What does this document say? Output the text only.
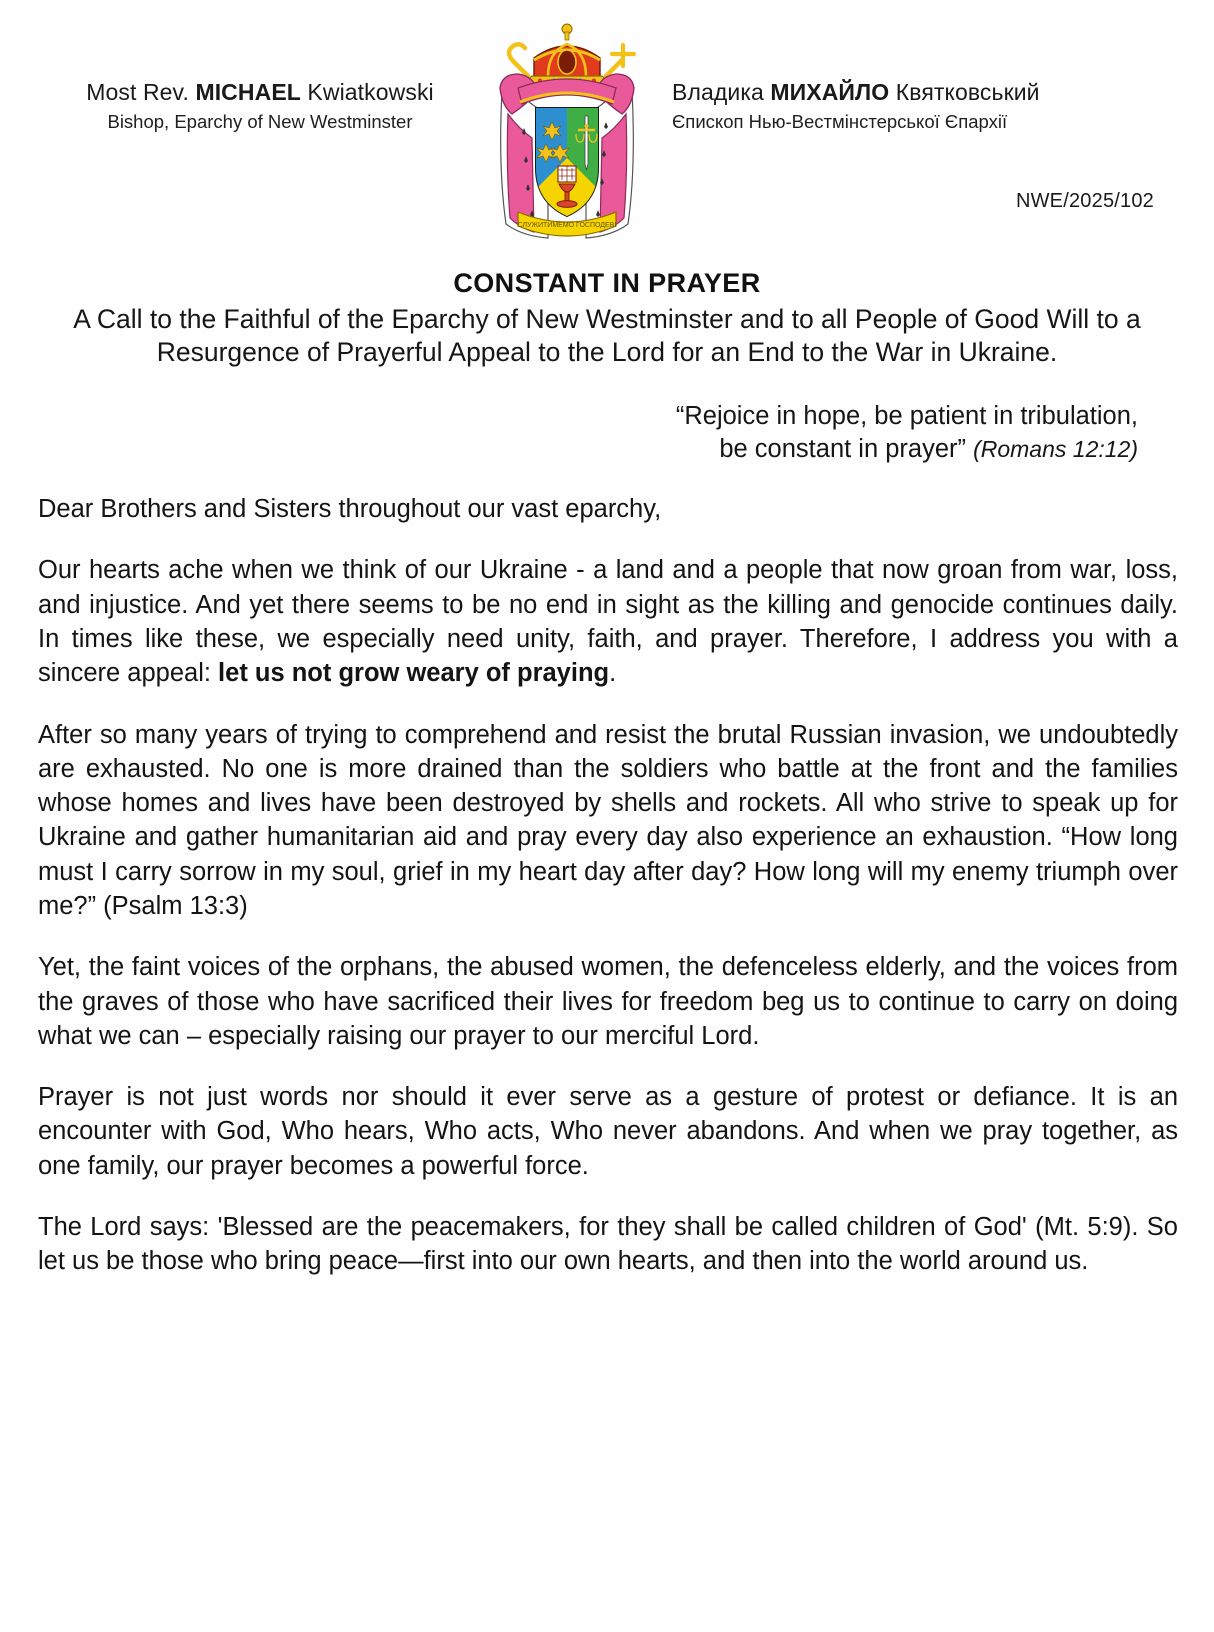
Most Rev. MICHAEL Kwiatkowski
Bishop, Eparchy of New Westminster
СЛУЖИТИМЕМО ГОСПОДЕВІ
Владика МИХАЙЛО Квятковський
Єпископ Нью-Вестмінстерської Єпархії
NWE/2025/102
CONSTANT IN PRAYER
A Call to the Faithful of the Eparchy of New Westminster and to all People of Good Will to a Resurgence of Prayerful Appeal to the Lord for an End to the War in Ukraine.
“Rejoice in hope, be patient in tribulation,
be constant in prayer” (Romans 12:12)

Dear Brothers and Sisters throughout our vast eparchy,

Our hearts ache when we think of our Ukraine - a land and a people that now groan from war, loss, and injustice. And yet there seems to be no end in sight as the killing and genocide continues daily. In times like these, we especially need unity, faith, and prayer. Therefore, I address you with a sincere appeal: let us not grow weary of praying.

After so many years of trying to comprehend and resist the brutal Russian invasion, we undoubtedly are exhausted. No one is more drained than the soldiers who battle at the front and the families whose homes and lives have been destroyed by shells and rockets. All who strive to speak up for Ukraine and gather humanitarian aid and pray every day also experience an exhaustion. “How long must I carry sorrow in my soul, grief in my heart day after day? How long will my enemy triumph over me?” (Psalm 13:3)

Yet, the faint voices of the orphans, the abused women, the defenceless elderly, and the voices from the graves of those who have sacrificed their lives for freedom beg us to continue to carry on doing what we can – especially raising our prayer to our merciful Lord.

Prayer is not just words nor should it ever serve as a gesture of protest or defiance. It is an encounter with God, Who hears, Who acts, Who never abandons. And when we pray together, as one family, our prayer becomes a powerful force.

The Lord says: 'Blessed are the peacemakers, for they shall be called children of God' (Mt. 5:9). So let us be those who bring peace—first into our own hearts, and then into the world around us.
